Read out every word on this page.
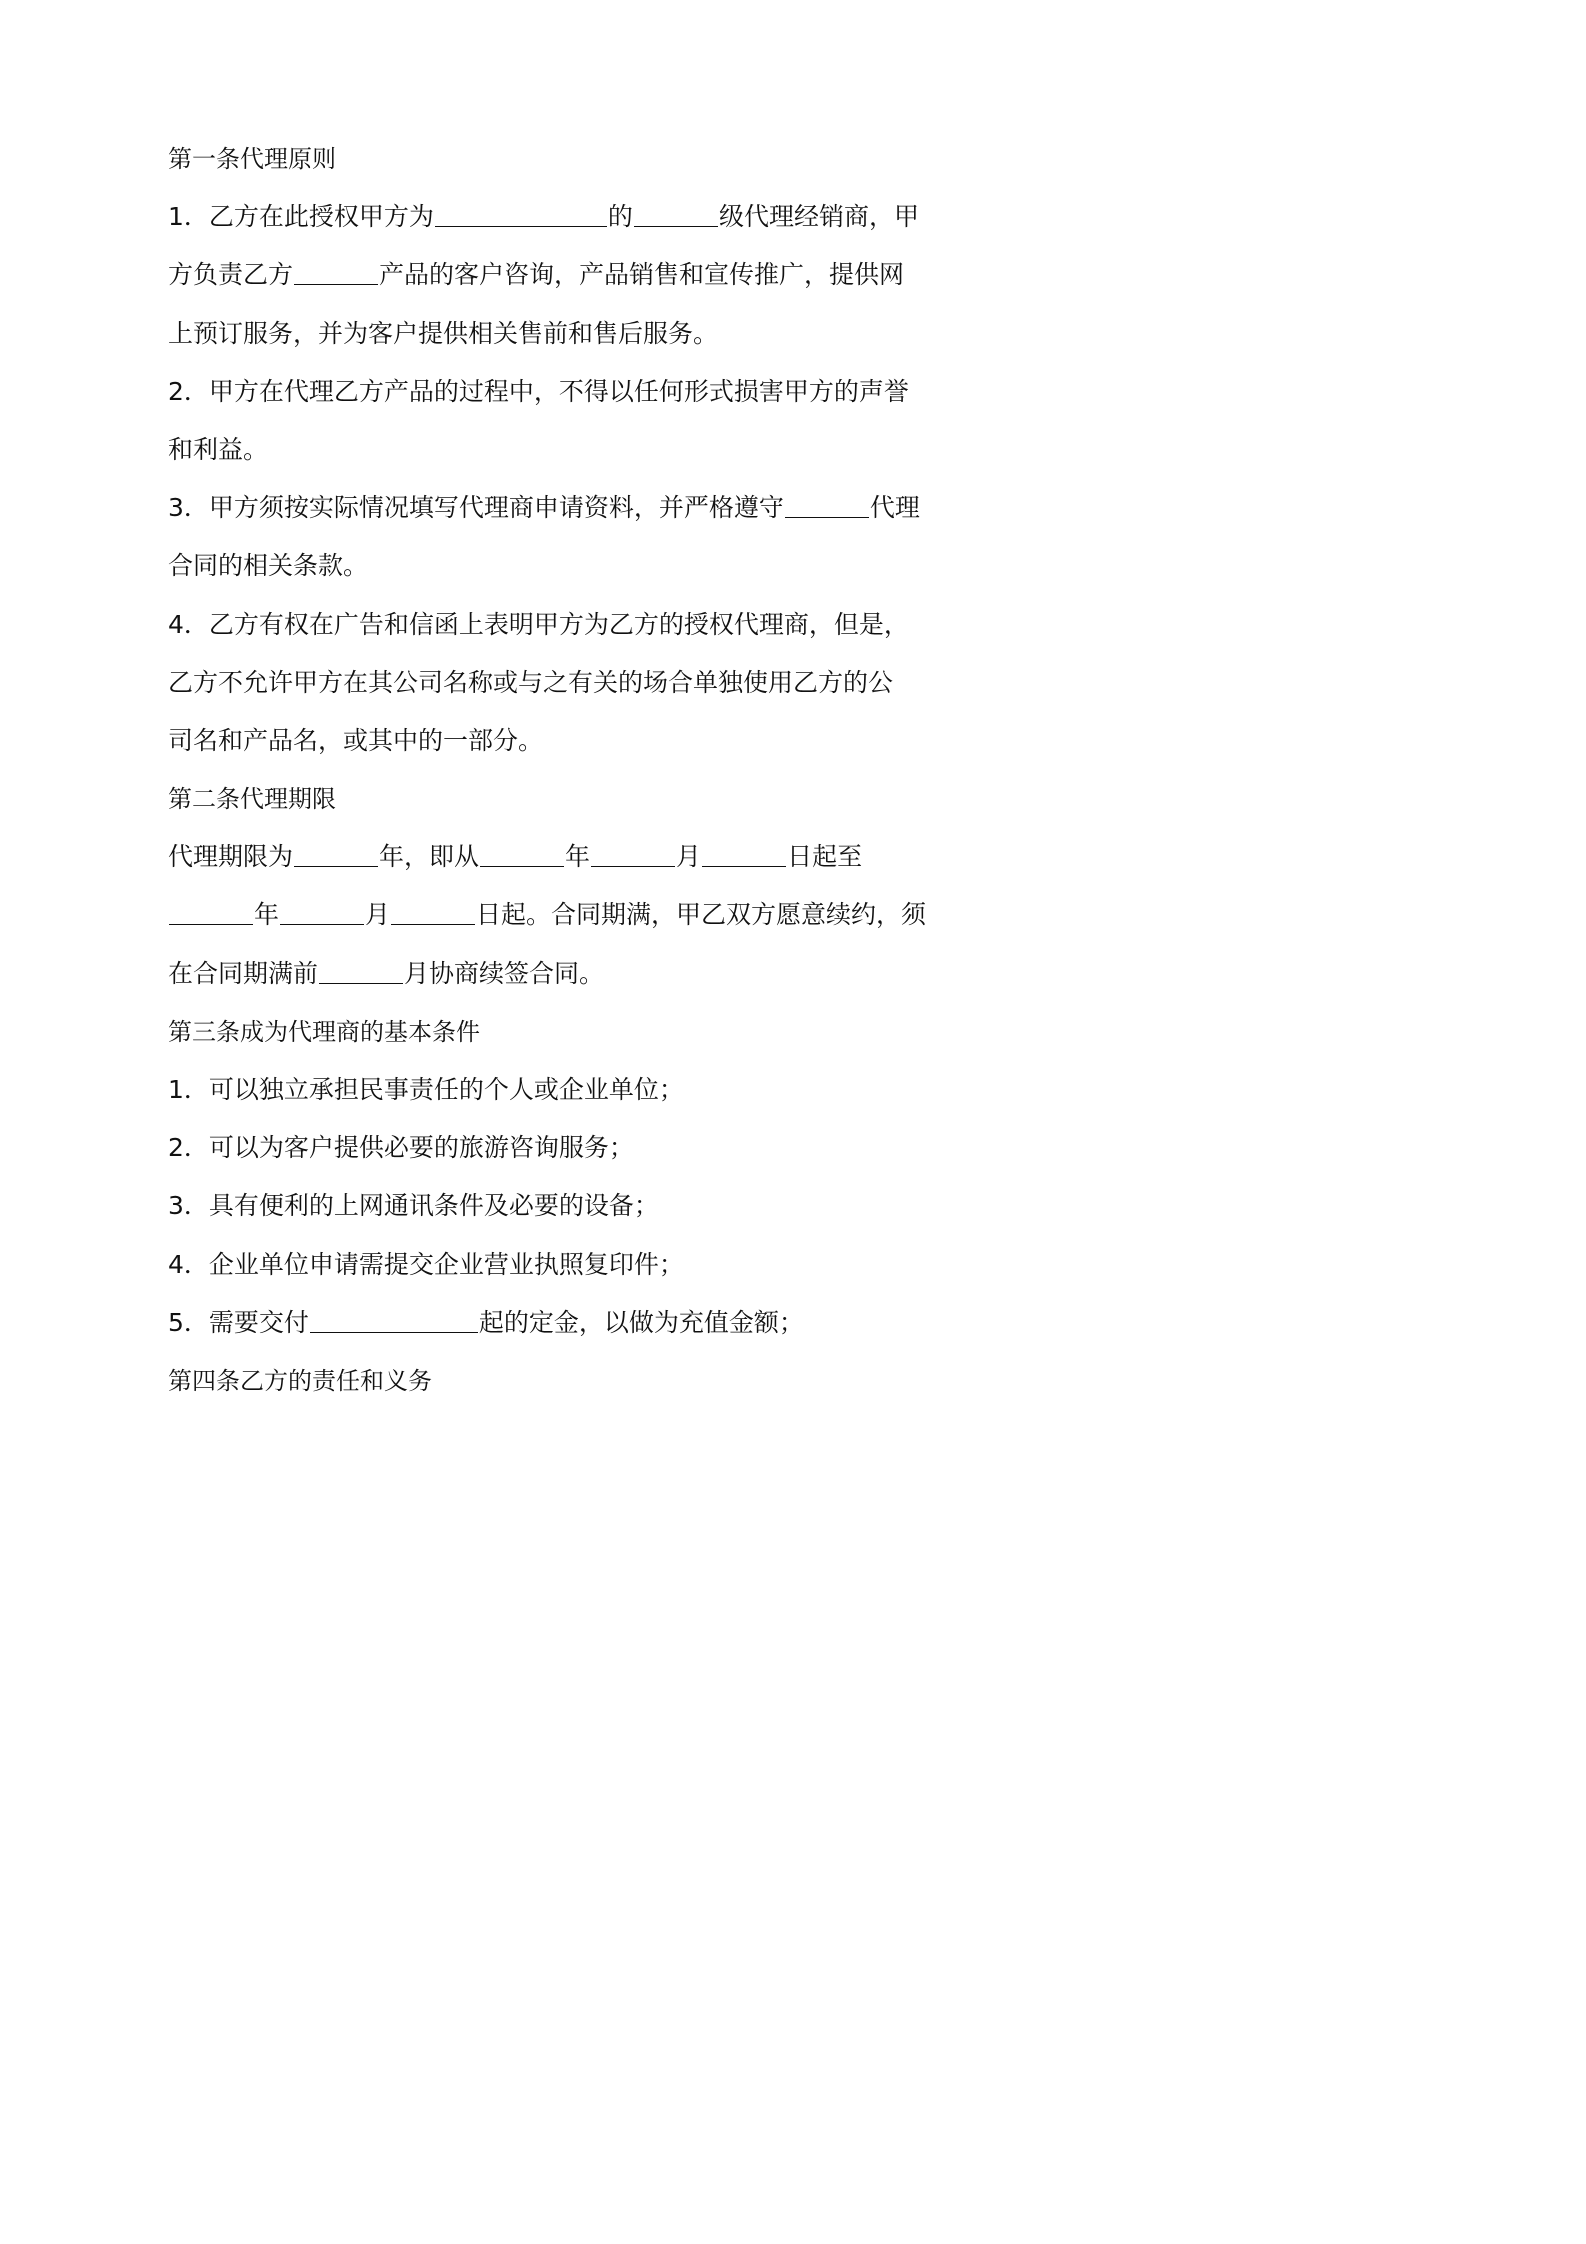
第一条代理原则
1．乙方在此授权甲方为	的	级代理经销商，甲
方负责乙方	产品的客户咨询，产品销售和宣传推广，提供网
上预订服务，并为客户提供相关售前和售后服务。
2．甲方在代理乙方产品的过程中，不得以任何形式损害甲方的声誉
和利益。
3．甲方须按实际情况填写代理商申请资料，并严格遵守	代理
合同的相关条款。
4．乙方有权在广告和信函上表明甲方为乙方的授权代理商，但是，
乙方不允许甲方在其公司名称或与之有关的场合单独使用乙方的公
司名和产品名，或其中的一部分。
第二条代理期限
代理期限为	年，即从	年	月	日起至
年	月	日起。合同期满，甲乙双方愿意续约，须
在合同期满前	月协商续签合同。
第三条成为代理商的基本条件
1．可以独立承担民事责任的个人或企业单位；
2．可以为客户提供必要的旅游咨询服务；
3．具有便利的上网通讯条件及必要的设备；
4．企业单位申请需提交企业营业执照复印件；
5．需要交付	起的定金，以做为充值金额；
第四条乙方的责任和义务
